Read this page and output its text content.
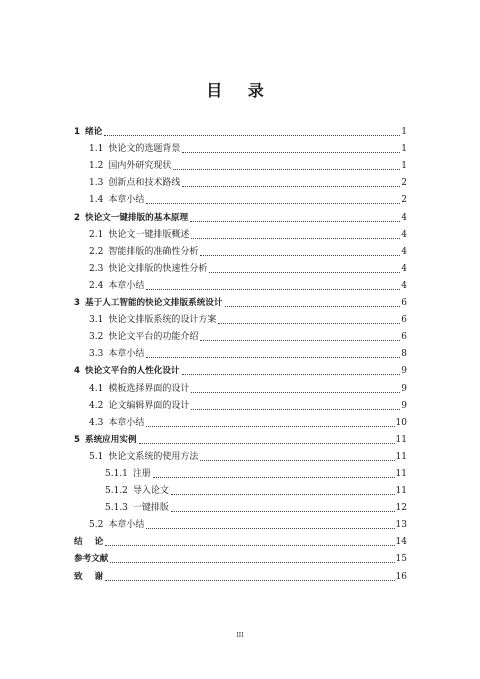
目 录
1 绪论	1
1.1 快论文的选题背景	1
1.2 国内外研究现状	1
1.3 创新点和技术路线	2
1.4 本章小结	2
2 快论文一键排版的基本原理	4
2.1 快论文一键排版概述	4
2.2 智能排版的准确性分析	4
2.3 快论文排版的快速性分析	4
2.4 本章小结	4
3 基于人工智能的快论文排版系统设计	6
3.1 快论文排版系统的设计方案	6
3.2 快论文平台的功能介绍	6
3.3 本章小结	8
4 快论文平台的人性化设计	9
4.1 模板选择界面的设计	9
4.2 论文编辑界面的设计	9
4.3 本章小结	10
5 系统应用实例	11
5.1 快论文系统的使用方法	11
5.1.1 注册	11
5.1.2 导入论文	11
5.1.3 一键排版	12
5.2 本章小结	13
结    论	14
参考文献	15
致    谢	16
III
